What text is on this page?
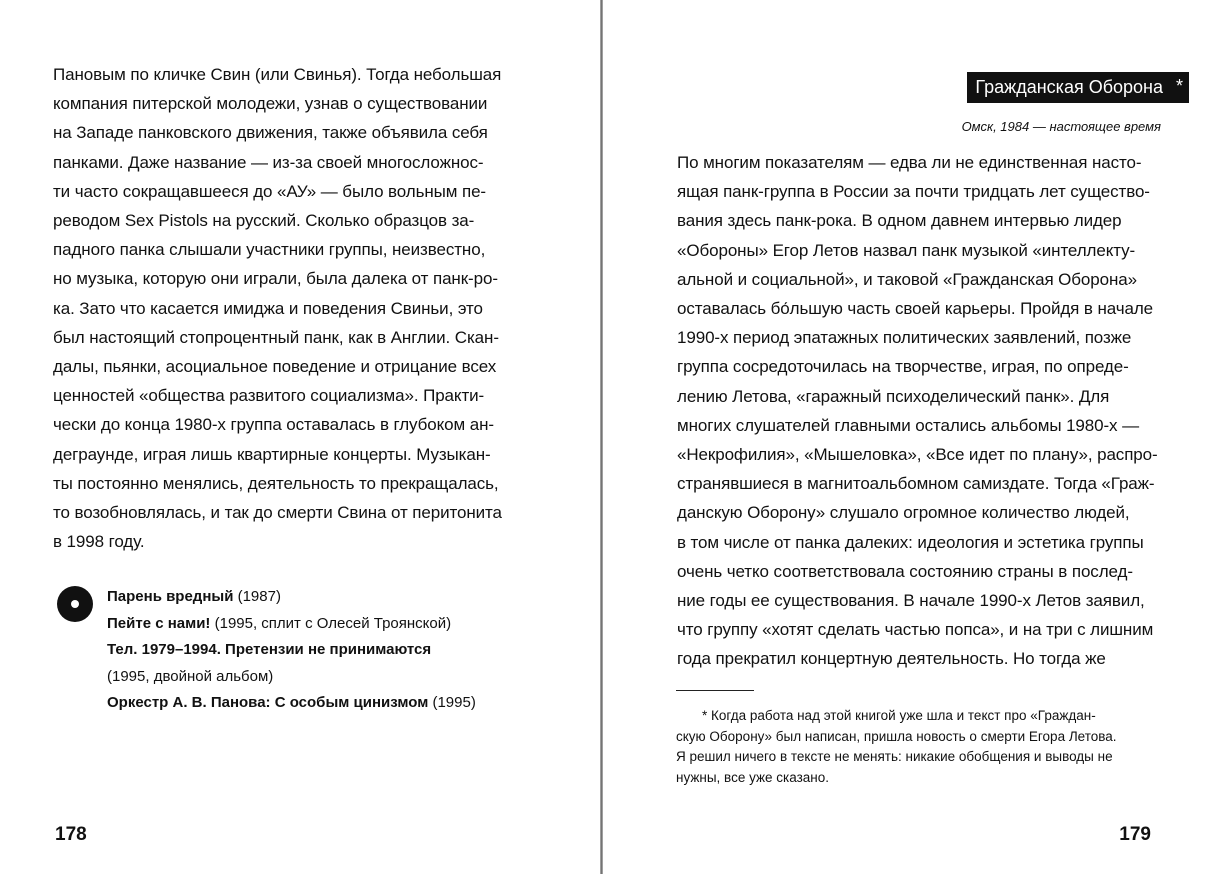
Пановым по кличке Свин (или Свинья). Тогда небольшая

компания питерской молодежи, узнав о существовании

на Западе панковского движения, также объявила себя

панками. Даже название — из-за своей многосложнос-

ти часто сокращавшееся до «АУ» — было вольным пе-

реводом Sex Pistols на русский. Сколько образцов за-

падного панка слышали участники группы, неизвестно,

но музыка, которую они играли, была далека от панк-ро-

ка. Зато что касается имиджа и поведения Свиньи, это

был настоящий стопроцентный панк, как в Англии. Скан-

далы, пьянки, асоциальное поведение и отрицание всех

ценностей «общества развитого социализма». Практи-

чески до конца 1980-х группа оставалась в глубоком ан-

деграунде, играя лишь квартирные концерты. Музыкан-

ты постоянно менялись, деятельность то прекращалась,

то возобновлялась, и так до смерти Свина от перитонита

в 1998 году.

Парень вредный (1987)
Пейте с нами! (1995, сплит с Олесей Троянской)
Тел. 1979–1994. Претензии не принимаются
(1995, двойной альбом)
Оркестр А. В. Панова: С особым цинизмом (1995)
178
Гражданская Оборона *
Омск, 1984 — настоящее время
179

По многим показателям — едва ли не единственная насто-

ящая панк-группа в России за почти тридцать лет существо-

вания здесь панк-рока. В одном давнем интервью лидер

«Обороны» Егор Летов назвал панк музыкой «интеллекту-

альной и социальной», и таковой «Гражданская Оборона»

оставалась бо́льшую часть своей карьеры. Пройдя в начале

1990-х период эпатажных политических заявлений, позже

группа сосредоточилась на творчестве, играя, по опреде-

лению Летова, «гаражный психоделический панк». Для

многих слушателей главными остались альбомы 1980-х —

«Некрофилия», «Мышеловка», «Все идет по плану», распро-

странявшиеся в магнитоальбомном самиздате. Тогда «Граж-

данскую Оборону» слушало огромное количество людей,

в том числе от панка далеких: идеология и эстетика группы

очень четко соответствовала состоянию страны в послед-

ние годы ее существования. В начале 1990-х Летов заявил,

что группу «хотят сделать частью попса», и на три с лишним

года прекратил концертную деятельность. Но тогда же

* Когда работа над этой книгой уже шла и текст про «Граждан-

скую Оборону» был написан, пришла новость о смерти Егора Летова.

Я решил ничего в тексте не менять: никакие обобщения и выводы не

нужны, все уже сказано.
